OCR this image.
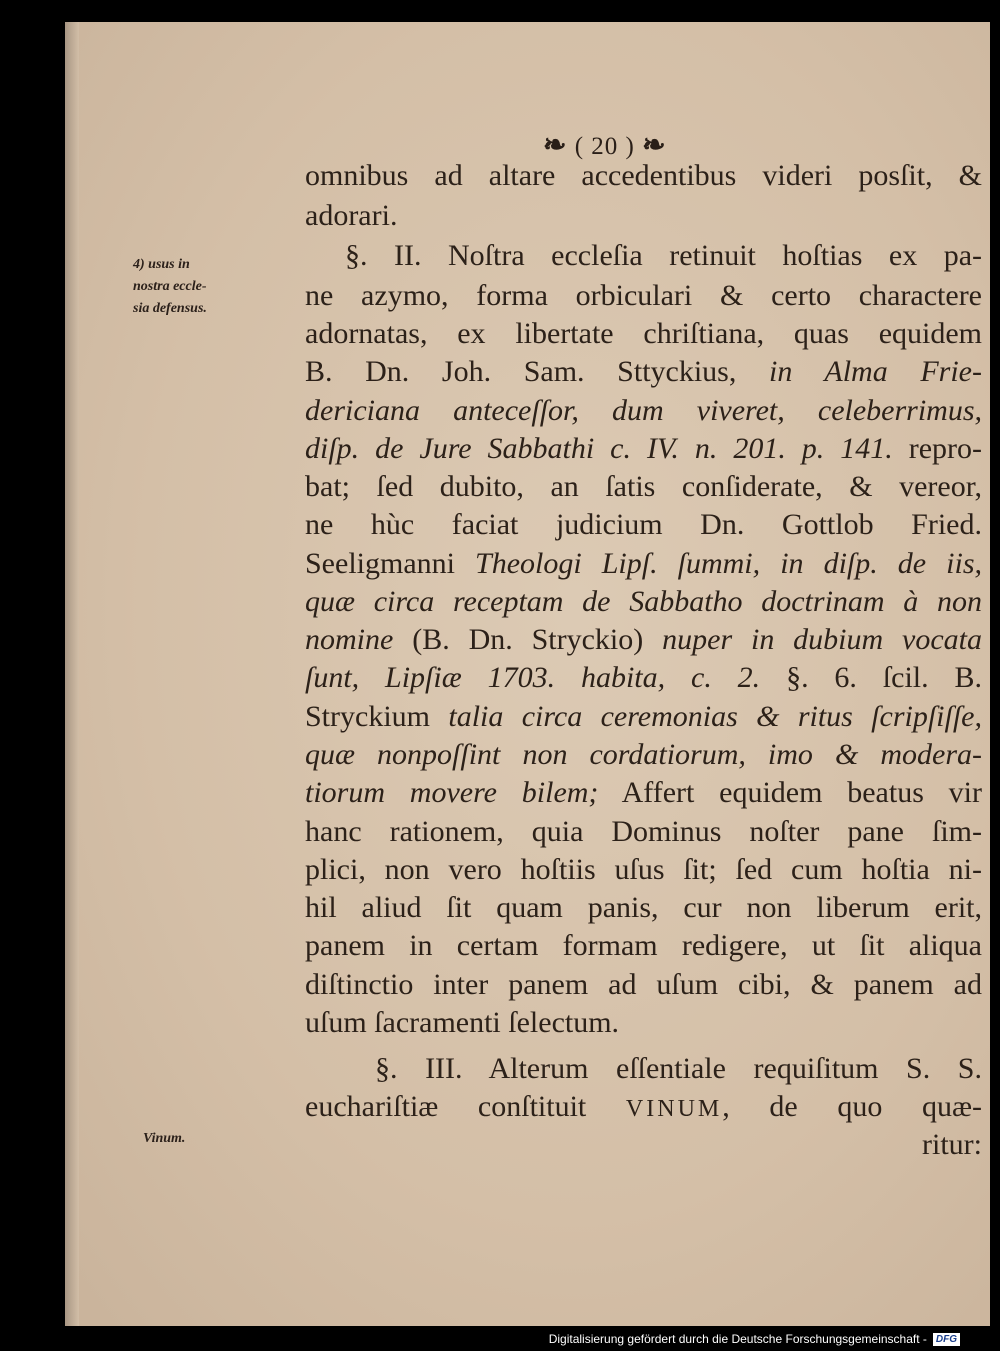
❧ ( 20 ) ❧
4) usus in
nostra eccle-
sia defensus.
Vinum.
omnibus ad altare accedentibus videri posſit, &
adorari.
§. II. Noſtra eccleſia retinuit hoſtias ex pa-
ne azymo, forma orbiculari & certo charactere
adornatas, ex libertate chriſtiana, quas equidem
B. Dn. Joh. Sam. Sttyckius, in Alma Frie-
dericiana anteceſſor, dum viveret, celeberrimus,
diſp. de Jure Sabbathi c. IV. n. 201. p. 141. repro-
bat; ſed dubito, an ſatis conſiderate, & vereor,
ne hùc faciat judicium Dn. Gottlob Fried.
Seeligmanni Theologi Lipſ. ſummi, in diſp. de iis,
quæ circa receptam de Sabbatho doctrinam à non
nomine (B. Dn. Stryckio) nuper in dubium vocata
ſunt, Lipſiæ 1703. habita, c. 2. §. 6. ſcil. B.
Stryckium talia circa ceremonias & ritus ſcripſiſſe,
quæ nonpoſſint non cordatiorum, imo & modera-
tiorum movere bilem; Affert equidem beatus vir
hanc rationem, quia Dominus noſter pane ſim-
plici, non vero hoſtiis uſus ſit; ſed cum hoſtia ni-
hil aliud ſit quam panis, cur non liberum erit,
panem in certam formam redigere, ut ſit aliqua
diſtinctio inter panem ad uſum cibi, & panem ad
uſum ſacramenti ſelectum.
§. III. Alterum eſſentiale requiſitum S. S.
euchariſtiæ conſtituit VINUM, de quo quæ-
ritur:
Digitalisierung gefördert durch die Deutsche Forschungsgemeinschaft - DFG
